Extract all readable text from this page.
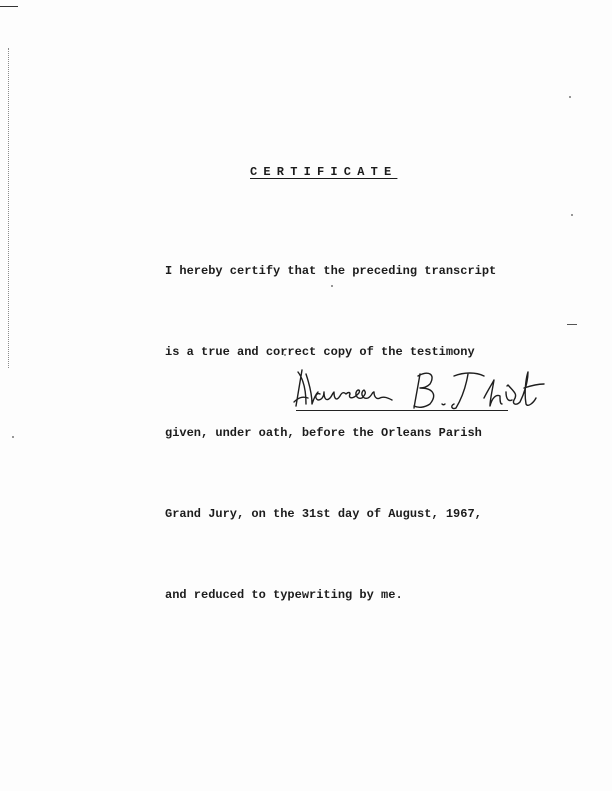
CERTIFICATE

I hereby certify that the preceding transcript

is a true and correct copy of the testimony

given, under oath, before the Orleans Parish

Grand Jury, on the 31st day of August, 1967,

and reduced to typewriting by me.
